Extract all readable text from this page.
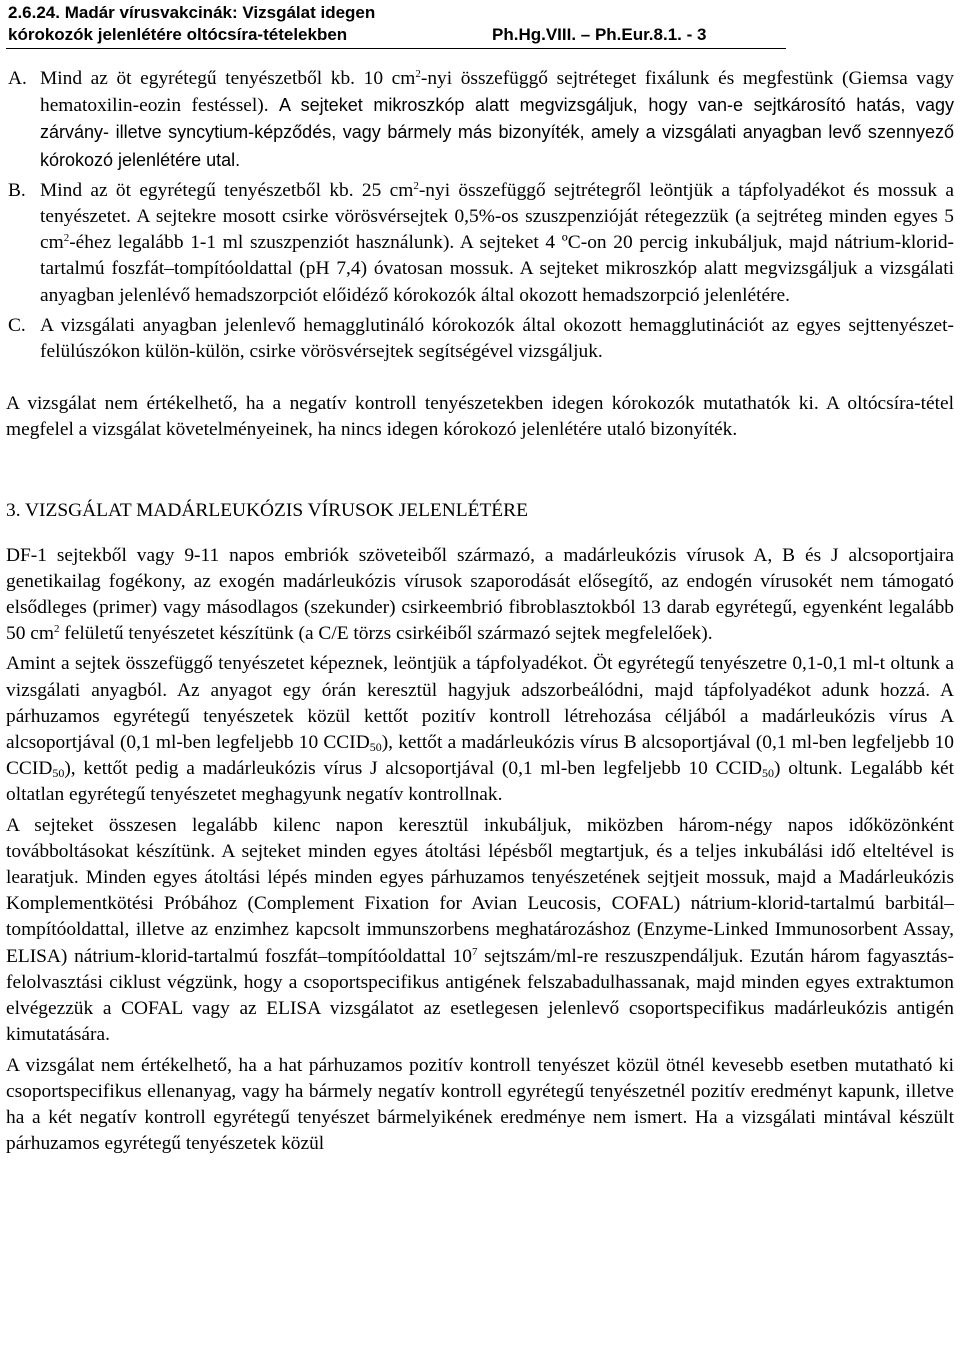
2.6.24. Madár vírusvakcinák: Vizsgálat idegen
kórokozók jelenlétére oltócsíra-tételekben	Ph.Hg.VIII. – Ph.Eur.8.1. - 3

A. Mind az öt egyrétegű tenyészetből kb. 10 $cm^2$-nyi összefüggő sejtréteget fixálunk és megfestünk (Giemsa vagy hematoxilin-eozin festéssel). A sejteket mikroszkóp alatt megvizsgáljuk, hogy van-e sejtkárosító hatás, vagy zárvány- illetve syncytium-képződés, vagy bármely más bizonyíték, amely a vizsgálati anyagban levő szennyező kórokozó jelenlétére utal.

B. Mind az öt egyrétegű tenyészetből kb. 25 $cm^2$-nyi összefüggő sejtrétegről leöntjük a tápfolyadékot és mossuk a tenyészetet. A sejtekre mosott csirke vörösvérsejtek 0,5%-os szuszpenzióját rétegezzük (a sejtréteg minden egyes 5 $cm^2$-éhez legalább 1-1 ml szuszpenziót használunk). A sejteket 4 ºC-on 20 percig inkubáljuk, majd nátrium-klorid-tartalmú foszfát–tompítóoldattal (pH 7,4) óvatosan mossuk. A sejteket mikroszkóp alatt megvizsgáljuk a vizsgálati anyagban jelenlévő hemadszorpciót előidéző kórokozók által okozott hemadszorpció jelenlétére.

C. A vizsgálati anyagban jelenlevő hemagglutináló kórokozók által okozott hemagglutinációt az egyes sejttenyészet-felülúszókon külön-külön, csirke vörösvérsejtek segítségével vizsgáljuk.

A vizsgálat nem értékelhető, ha a negatív kontroll tenyészetekben idegen kórokozók mutathatók ki. A oltócsíra-tétel megfelel a vizsgálat követelményeinek, ha nincs idegen kórokozó jelenlétére utaló bizonyíték.

3. VIZSGÁLAT MADÁRLEUKÓZIS VÍRUSOK JELENLÉTÉRE

DF-1 sejtekből vagy 9-11 napos embriók szöveteiből származó, a madárleukózis vírusok A, B és J alcsoportjaira genetikailag fogékony, az exogén madárleukózis vírusok szaporodását elősegítő, az endogén vírusokét nem támogató elsődleges (primer) vagy másodlagos (szekunder) csirkeembrió fibroblasztokból 13 darab egyrétegű, egyenként legalább 50 $cm^2$ felületű tenyészetet készítünk (a C/E törzs csirkéiből származó sejtek megfelelőek).

Amint a sejtek összefüggő tenyészetet képeznek, leöntjük a tápfolyadékot. Öt egyrétegű tenyészetre 0,1-0,1 ml-t oltunk a vizsgálati anyagból. Az anyagot egy órán keresztül hagyjuk adszorbeálódni, majd tápfolyadékot adunk hozzá. A párhuzamos egyrétegű tenyészetek közül kettőt pozitív kontroll létrehozása céljából a madárleukózis vírus A alcsoportjával (0,1 ml-ben legfeljebb 10 $CCID_{50}$), kettőt a madárleukózis vírus B alcsoportjával (0,1 ml-ben legfeljebb 10 $CCID_{50}$), kettőt pedig a madárleukózis vírus J alcsoportjával (0,1 ml-ben legfeljebb 10 $CCID_{50}$) oltunk. Legalább két oltatlan egyrétegű tenyészetet meghagyunk negatív kontrollnak.

A sejteket összesen legalább kilenc napon keresztül inkubáljuk, miközben három-négy napos időközönként továbboltásokat készítünk. A sejteket minden egyes átoltási lépésből megtartjuk, és a teljes inkubálási idő elteltével is learatjuk. Minden egyes átoltási lépés minden egyes párhuzamos tenyészetének sejtjeit mossuk, majd a Madárleukózis Komplementkötési Próbához (Complement Fixation for Avian Leucosis, COFAL) nátrium-klorid-tartalmú barbitál–tompítóoldattal, illetve az enzimhez kapcsolt immunszorbens meghatározáshoz (Enzyme-Linked Immunosorbent Assay, ELISA) nátrium-klorid-tartalmú foszfát–tompítóoldattal $10^7$ sejtszám/ml-re reszuszpendáljuk. Ezután három fagyasztás-felolvasztási ciklust végzünk, hogy a csoportspecifikus antigének felszabadulhassanak, majd minden egyes extraktumon elvégezzük a COFAL vagy az ELISA vizsgálatot az esetlegesen jelenlevő csoportspecifikus madárleukózis antigén kimutatására.

A vizsgálat nem értékelhető, ha a hat párhuzamos pozitív kontroll tenyészet közül ötnél kevesebb esetben mutatható ki csoportspecifikus ellenanyag, vagy ha bármely negatív kontroll egyrétegű tenyészetnél pozitív eredményt kapunk, illetve ha a két negatív kontroll egyrétegű tenyészet bármelyikének eredménye nem ismert. Ha a vizsgálati mintával készült párhuzamos egyrétegű tenyészetek közül
